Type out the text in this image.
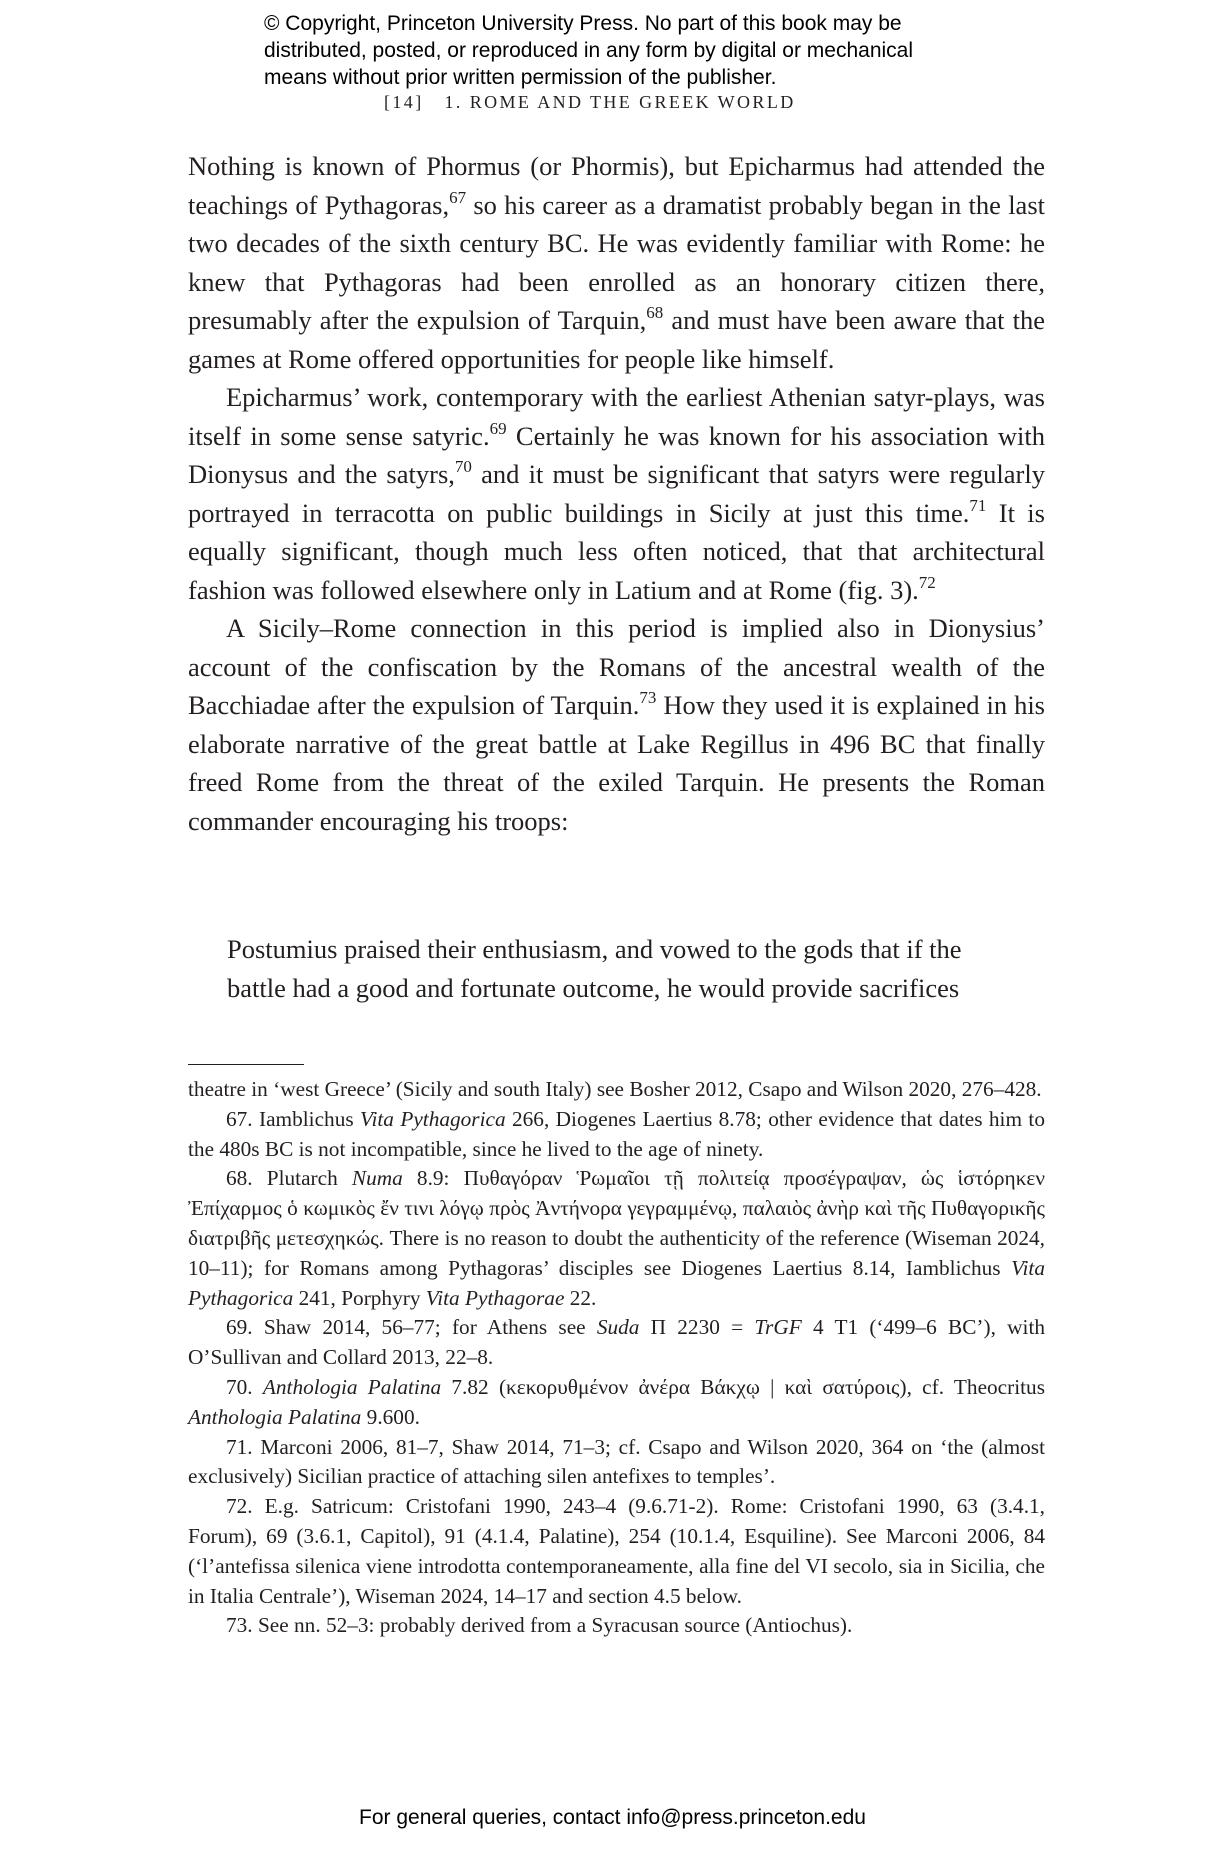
© Copyright, Princeton University Press. No part of this book may be
distributed, posted, or reproduced in any form by digital or mechanical
means without prior written permission of the publisher.
[14] 1. ROME AND THE GREEK WORLD

Nothing is known of Phormus (or Phormis), but Epicharmus had attended the teachings of Pythagoras,$^{67}$ so his career as a dramatist probably began in the last two decades of the sixth century BC. He was evidently familiar with Rome: he knew that Pythagoras had been enrolled as an honorary citizen there, presumably after the expulsion of Tarquin,$^{68}$ and must have been aware that the games at Rome offered opportunities for people like himself.

Epicharmus’ work, contemporary with the earliest Athenian satyr-plays, was itself in some sense satyric.$^{69}$ Certainly he was known for his association with Dionysus and the satyrs,$^{70}$ and it must be significant that satyrs were regularly portrayed in terracotta on public buildings in Sicily at just this time.$^{71}$ It is equally significant, though much less often noticed, that that architectural fashion was followed elsewhere only in Latium and at Rome (fig. 3).$^{72}$

A Sicily–Rome connection in this period is implied also in Dionysius’ account of the confiscation by the Romans of the ancestral wealth of the Bacchiadae after the expulsion of Tarquin.$^{73}$ How they used it is explained in his elaborate narrative of the great battle at Lake Regillus in 496 BC that finally freed Rome from the threat of the exiled Tarquin. He presents the Roman commander encouraging his troops:

Postumius praised their enthusiasm, and vowed to the gods that if the battle had a good and fortunate outcome, he would provide sacrifices

theatre in ‘west Greece’ (Sicily and south Italy) see Bosher 2012, Csapo and Wilson 2020, 276–428.

67. Iamblichus Vita Pythagorica 266, Diogenes Laertius 8.78; other evidence that dates him to the 480s BC is not incompatible, since he lived to the age of ninety.

68. Plutarch Numa 8.9: Πυθαγόραν Ῥωμαῖοι τῇ πολιτείᾳ προσέγραψαν, ὡς ἱστόρηκεν Ἐπίχαρμος ὁ κωμικὸς ἔν τινι λόγῳ πρὸς Ἀντήνορα γεγραμμένῳ, παλαιὸς ἀνὴρ καὶ τῆς Πυθαγορικῆς διατριβῆς μετεσχηκώς. There is no reason to doubt the authenticity of the reference (Wiseman 2024, 10–11); for Romans among Pythagoras’ disciples see Diogenes Laertius 8.14, Iamblichus Vita Pythagorica 241, Porphyry Vita Pythagorae 22.

69. Shaw 2014, 56–77; for Athens see Suda Π 2230 = TrGF 4 T1 (‘499–6 BC’), with O’Sullivan and Collard 2013, 22–8.

70. Anthologia Palatina 7.82 (κεκορυθμένον ἀνέρα Βάκχῳ | καὶ σατύροις), cf. Theocritus Anthologia Palatina 9.600.

71. Marconi 2006, 81–7, Shaw 2014, 71–3; cf. Csapo and Wilson 2020, 364 on ‘the (almost exclusively) Sicilian practice of attaching silen antefixes to temples’.

72. E.g. Satricum: Cristofani 1990, 243–4 (9.6.71-2). Rome: Cristofani 1990, 63 (3.4.1, Forum), 69 (3.6.1, Capitol), 91 (4.1.4, Palatine), 254 (10.1.4, Esquiline). See Marconi 2006, 84 (‘l’antefissa silenica viene introdotta contemporaneamente, alla fine del VI secolo, sia in Sicilia, che in Italia Centrale’), Wiseman 2024, 14–17 and section 4.5 below.

73. See nn. 52–3: probably derived from a Syracusan source (Antiochus).

For general queries, contact info@press.princeton.edu
